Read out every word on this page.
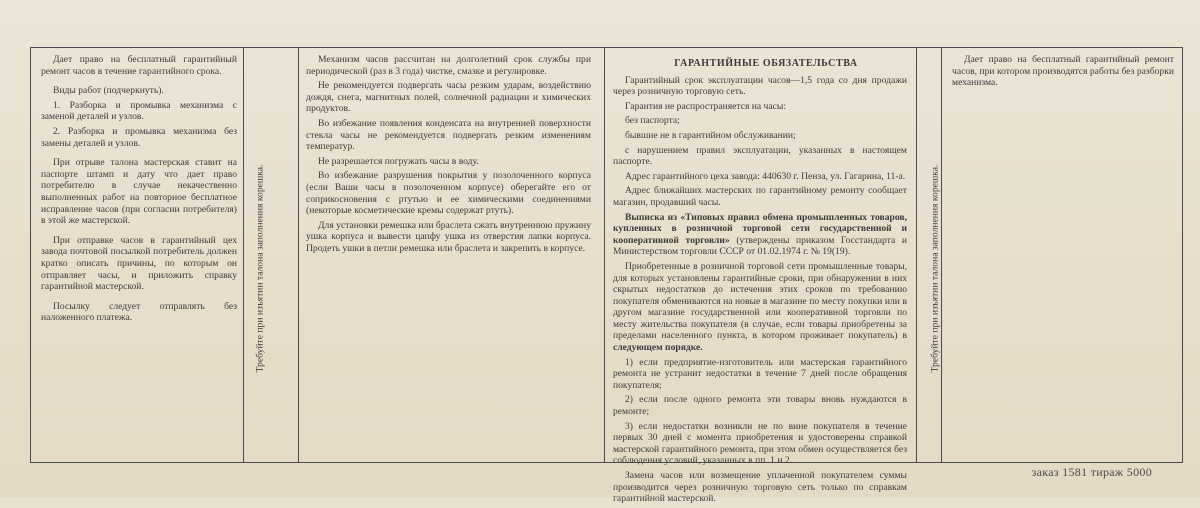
Дает право на бесплатный гарантийный ремонт часов в течение гарантийного срока.

Виды работ (подчеркнуть).

1. Разборка и промывка механизма с заменой деталей и узлов.

2. Разборка и промывка механизма без замены деталей и узлов.

При отрыве талона мастерская ставит на паспорте штамп и дату что дает право потребителю в случае некачественно выполненных работ на повторное бесплатное исправление часов (при согласии потребителя) в этой же мастерской.

При отправке часов в гарантийный цех завода почтовой посылкой потребитель должен кратко описать причины, по которым он отправляет часы, и приложить справку гарантийной мастерской.

Посылку следует отправлять без наложенного платежа.	Требуйте при изъятии талона заполнения корешка.

Механизм часов рассчитан на долголетний срок службы при периодической (раз в 3 года) чистке, смазке и регулировке.

Не рекомендуется подвергать часы резким ударам, воздействию дождя, снега, магнитных полей, солнечной радиации и химических продуктов.

Во избежание появления конденсата на внутренней поверхности стекла часы не рекомендуется подвергать резким изменениям температур.

Не разрешается погружать часы в воду.

Во избежание разрушения покрытия у позолоченного корпуса (если Ваши часы в позолоченном корпусе) оберегайте его от соприкосновения с ртутью и ее химическими соединениями (некоторые косметические кремы содержат ртуть).

Для установки ремешка или браслета сжать внутреннюю пружину ушка корпуса и вывести цапфу ушка из отверстия лапки корпуса. Продеть ушки в петли ремешка или браслета и закрепить в корпусе.

ГАРАНТИЙНЫЕ ОБЯЗАТЕЛЬСТВА

Гарантийный срок эксплуатации часов—1,5 года со дня продажи через розничную торговую сеть.

Гарантия не распространяется на часы:

без паспорта;

бывшие не в гарантийном обслуживании;

с нарушением правил эксплуатации, указанных в настоящем паспорте.

Адрес гарантийного цеха завода: 440630 г. Пенза, ул. Гагарина, 11-а.

Адрес ближайших мастерских по гарантийному ремонту сообщает магазин, продавший часы.

Выписка из «Типовых правил обмена промышленных товаров, купленных в розничной торговой сети государственной и кооперативной торговли» (утверждены приказом Госстандарта и Министерством торговли СССР от 01.02.1974 г. № 19(19).

Приобретенные в розничной торговой сети промышленные товары, для которых установлены гарантийные сроки, при обнаружении в них скрытых недостатков до истечения этих сроков по требованию покупателя обмениваются на новые в магазине по месту покупки или в другом магазине государственной или кооперативной торговли по месту жительства покупателя (в случае, если товары приобретены за пределами населенного пункта, в котором проживает покупатель) в следующем порядке.

1) если предприятие-изготовитель или мастерская гарантийного ремонта не устранит недостатки в течение 7 дней после обращения покупателя;

2) если после одного ремонта эти товары вновь нуждаются в ремонте;

3) если недостатки возникли не по вине покупателя в течение первых 30 дней с момента приобретения и удостоверены справкой мастерской гарантийного ремонта, при этом обмен осуществляется без соблюдения условий, указанных в пп. 1 и 2.

Замена часов или возмещение уплаченной покупателем суммы производится через розничную торговую сеть только по справкам гарантийной мастерской.

Требуйте при изъятии талона заполнения корешка.

Дает право на бесплатный гарантийный ремонт часов, при котором производятся работы без разборки механизма.

заказ 1581 тираж 5000
